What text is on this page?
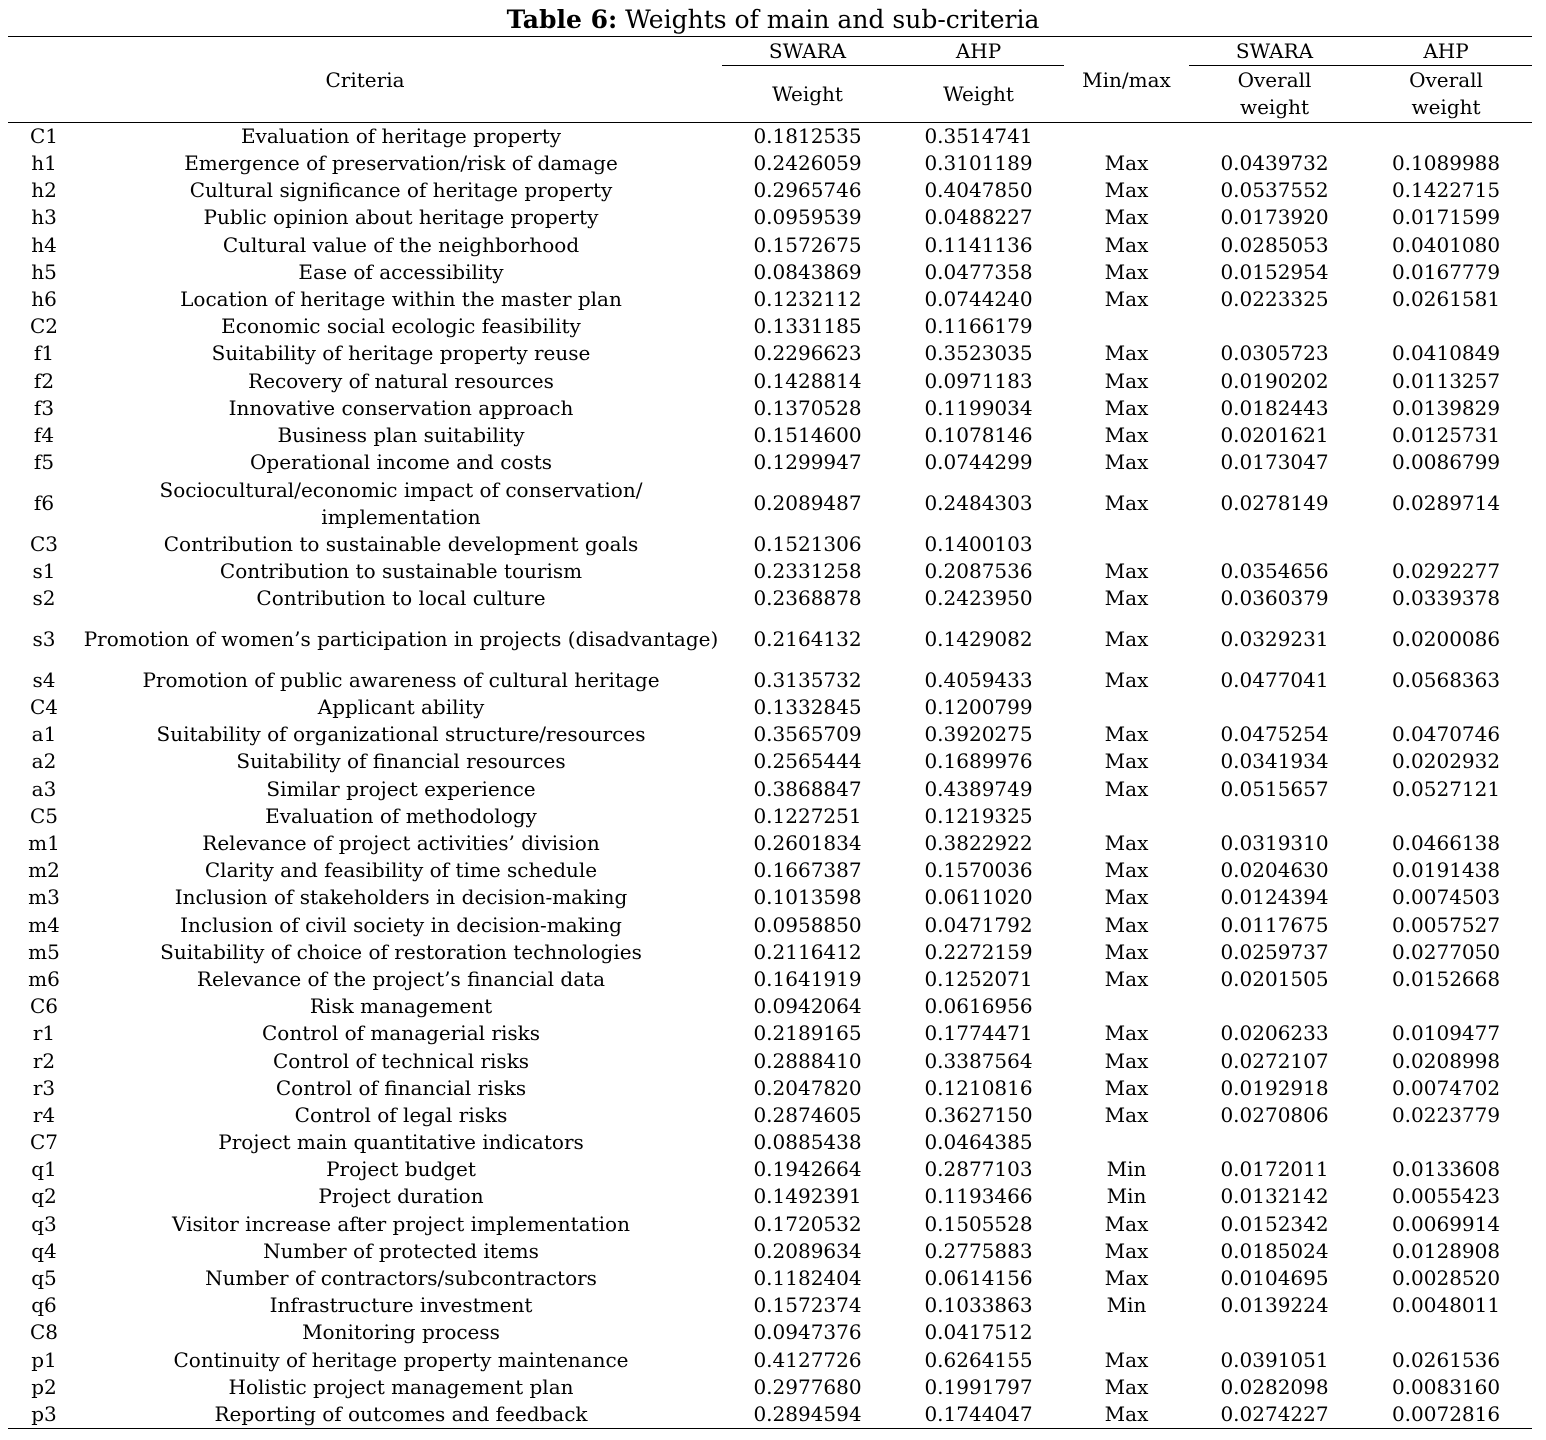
Table 6: Weights of main and sub-criteria
Criteria		SWARA	AHP	Min/max	SWARA	AHP
		Weight	Weight		Overall weight	Overall weight
C1	Evaluation of heritage property	0.1812535	0.3514741			
h1	Emergence of preservation/risk of damage	0.2426059	0.3101189	Max	0.0439732	0.1089988
h2	Cultural significance of heritage property	0.2965746	0.4047850	Max	0.0537552	0.1422715
h3	Public opinion about heritage property	0.0959539	0.0488227	Max	0.0173920	0.0171599
h4	Cultural value of the neighborhood	0.1572675	0.1141136	Max	0.0285053	0.0401080
h5	Ease of accessibility	0.0843869	0.0477358	Max	0.0152954	0.0167779
h6	Location of heritage within the master plan	0.1232112	0.0744240	Max	0.0223325	0.0261581
C2	Economic social ecologic feasibility	0.1331185	0.1166179			
f1	Suitability of heritage property reuse	0.2296623	0.3523035	Max	0.0305723	0.0410849
f2	Recovery of natural resources	0.1428814	0.0971183	Max	0.0190202	0.0113257
f3	Innovative conservation approach	0.1370528	0.1199034	Max	0.0182443	0.0139829
f4	Business plan suitability	0.1514600	0.1078146	Max	0.0201621	0.0125731
f5	Operational income and costs	0.1299947	0.0744299	Max	0.0173047	0.0086799
f6	Sociocultural/economic impact of conservation/ implementation	0.2089487	0.2484303	Max	0.0278149	0.0289714
C3	Contribution to sustainable development goals	0.1521306	0.1400103			
s1	Contribution to sustainable tourism	0.2331258	0.2087536	Max	0.0354656	0.0292277
s2	Contribution to local culture	0.2368878	0.2423950	Max	0.0360379	0.0339378
s3	Promotion of women’s participation in projects (disadvantage)	0.2164132	0.1429082	Max	0.0329231	0.0200086
s4	Promotion of public awareness of cultural heritage	0.3135732	0.4059433	Max	0.0477041	0.0568363
C4	Applicant ability	0.1332845	0.1200799			
a1	Suitability of organizational structure/resources	0.3565709	0.3920275	Max	0.0475254	0.0470746
a2	Suitability of financial resources	0.2565444	0.1689976	Max	0.0341934	0.0202932
a3	Similar project experience	0.3868847	0.4389749	Max	0.0515657	0.0527121
C5	Evaluation of methodology	0.1227251	0.1219325			
m1	Relevance of project activities’ division	0.2601834	0.3822922	Max	0.0319310	0.0466138
m2	Clarity and feasibility of time schedule	0.1667387	0.1570036	Max	0.0204630	0.0191438
m3	Inclusion of stakeholders in decision-making	0.1013598	0.0611020	Max	0.0124394	0.0074503
m4	Inclusion of civil society in decision-making	0.0958850	0.0471792	Max	0.0117675	0.0057527
m5	Suitability of choice of restoration technologies	0.2116412	0.2272159	Max	0.0259737	0.0277050
m6	Relevance of the project’s financial data	0.1641919	0.1252071	Max	0.0201505	0.0152668
C6	Risk management	0.0942064	0.0616956			
r1	Control of managerial risks	0.2189165	0.1774471	Max	0.0206233	0.0109477
r2	Control of technical risks	0.2888410	0.3387564	Max	0.0272107	0.0208998
r3	Control of financial risks	0.2047820	0.1210816	Max	0.0192918	0.0074702
r4	Control of legal risks	0.2874605	0.3627150	Max	0.0270806	0.0223779
C7	Project main quantitative indicators	0.0885438	0.0464385			
q1	Project budget	0.1942664	0.2877103	Min	0.0172011	0.0133608
q2	Project duration	0.1492391	0.1193466	Min	0.0132142	0.0055423
q3	Visitor increase after project implementation	0.1720532	0.1505528	Max	0.0152342	0.0069914
q4	Number of protected items	0.2089634	0.2775883	Max	0.0185024	0.0128908
q5	Number of contractors/subcontractors	0.1182404	0.0614156	Max	0.0104695	0.0028520
q6	Infrastructure investment	0.1572374	0.1033863	Min	0.0139224	0.0048011
C8	Monitoring process	0.0947376	0.0417512			
p1	Continuity of heritage property maintenance	0.4127726	0.6264155	Max	0.0391051	0.0261536
p2	Holistic project management plan	0.2977680	0.1991797	Max	0.0282098	0.0083160
p3	Reporting of outcomes and feedback	0.2894594	0.1744047	Max	0.0274227	0.0072816
